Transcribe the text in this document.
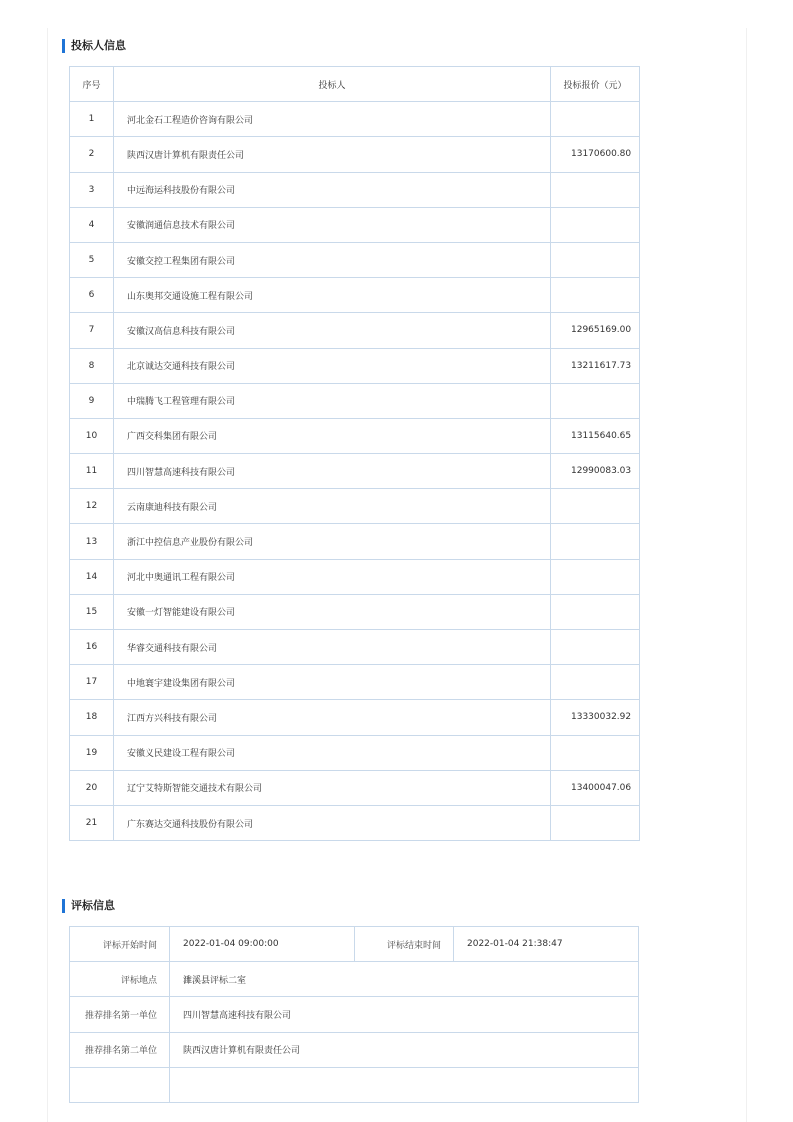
投标人信息
序号	投标人	投标报价（元）
1	河北金石工程造价咨询有限公司	
2	陕西汉唐计算机有限责任公司	13170600.80
3	中远海运科技股份有限公司	
4	安徽润通信息技术有限公司	
5	安徽交控工程集团有限公司	
6	山东奥邦交通设施工程有限公司	
7	安徽汉高信息科技有限公司	12965169.00
8	北京诚达交通科技有限公司	13211617.73
9	中瑞腾飞工程管理有限公司	
10	广西交科集团有限公司	13115640.65
11	四川智慧高速科技有限公司	12990083.03
12	云南康迪科技有限公司	
13	浙江中控信息产业股份有限公司	
14	河北中奥通讯工程有限公司	
15	安徽一灯智能建设有限公司	
16	华睿交通科技有限公司	
17	中地寰宇建设集团有限公司	
18	江西方兴科技有限公司	13330032.92
19	安徽义民建设工程有限公司	
20	辽宁艾特斯智能交通技术有限公司	13400047.06
21	广东赛达交通科技股份有限公司	
评标信息
评标开始时间	2022-01-04 09:00:00	评标结束时间	2022-01-04 21:38:47
评标地点	濉溪县评标二室		
推荐排名第一单位	四川智慧高速科技有限公司		
推荐排名第二单位	陕西汉唐计算机有限责任公司		
